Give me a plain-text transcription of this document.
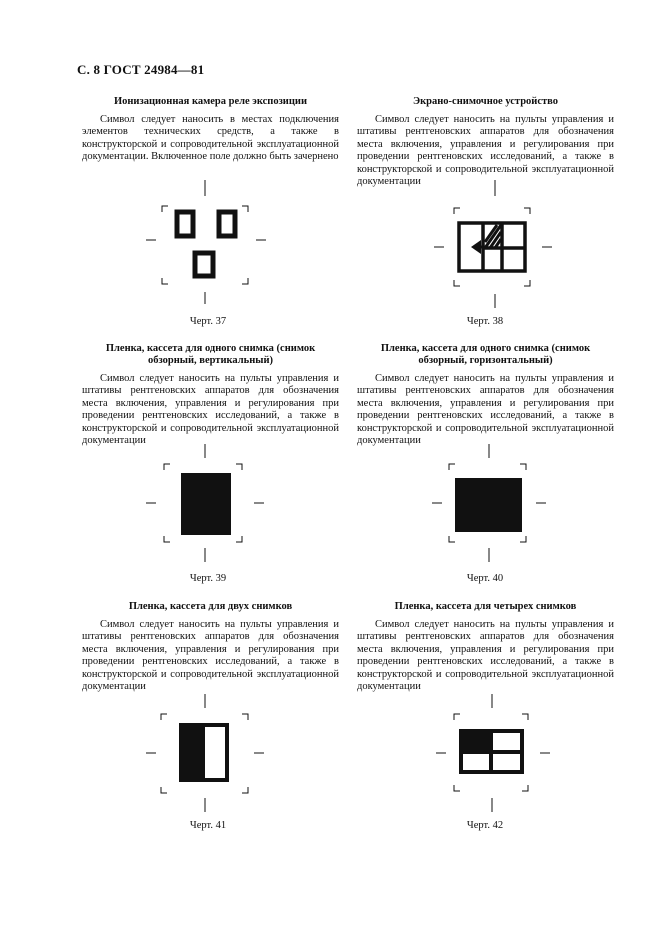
С. 8 ГОСТ 24984—81

Ионизационная камера реле экспозиции

Символ следует наносить в местах подключения элементов технических средств, а также в конструкторской и сопроводительной эксплуатационной документации. Включенное поле должно быть зачернено

Черт. 37

Экрано-снимочное устройство

Символ следует наносить на пульты управления и штативы рентгеновских аппаратов для обозначения места включения, управления и регулирования при проведении рентгеновских исследований, а также в конструкторской и сопроводительной эксплуатационной документации

Черт. 38

Пленка, кассета для одного снимка (снимок обзорный, вертикальный)

Символ следует наносить на пульты управления и штативы рентгеновских аппаратов для обозначения места включения, управления и регулирования при проведении рентгеновских исследований, а также в конструкторской и сопроводительной эксплуатационной документации

Черт. 39

Пленка, кассета для одного снимка (снимок обзорный, горизонтальный)

Символ следует наносить на пульты управления и штативы рентгеновских аппаратов для обозначения места включения, управления и регулирования при проведении рентгеновских исследований, а также в конструкторской и сопроводительной эксплуатационной документации

Черт. 40

Пленка, кассета для двух снимков

Символ следует наносить на пульты управления и штативы рентгеновских аппаратов для обозначения места включения, управления и регулирования при проведении рентгеновских исследований, а также в конструкторской и сопроводительной эксплуатационной документации

Черт. 41

Пленка, кассета для четырех снимков

Символ следует наносить на пульты управления и штативы рентгеновских аппаратов для обозначения места включения, управления и регулирования при проведении рентгеновских исследований, а также в конструкторской и сопроводительной эксплуатационной документации

Черт. 42
